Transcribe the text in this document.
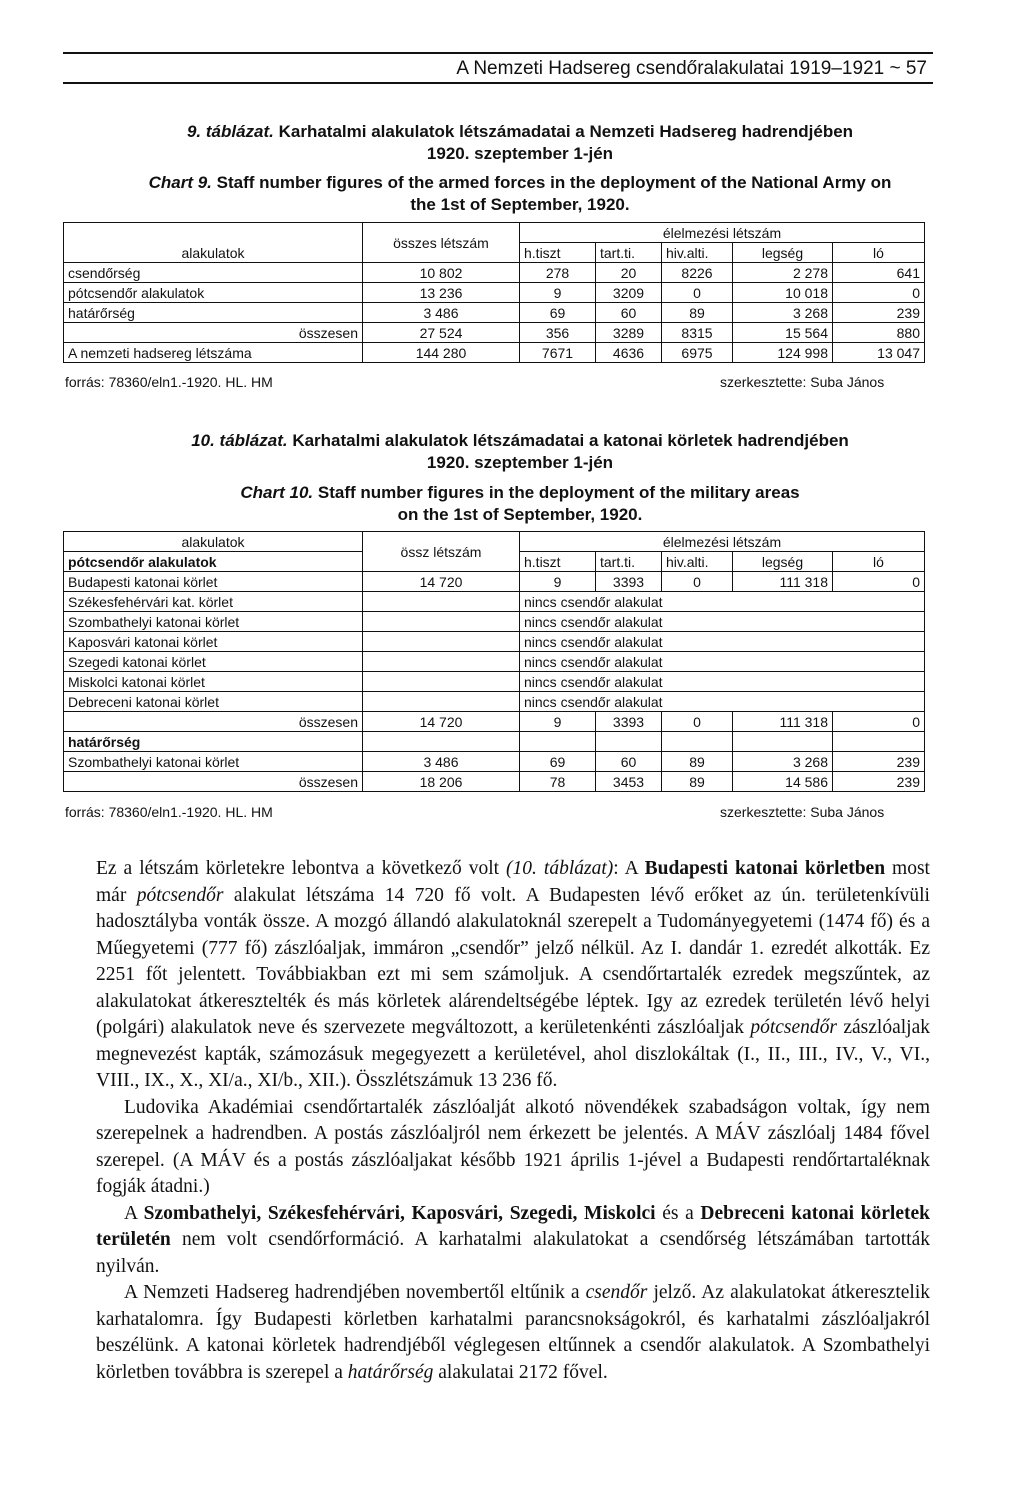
A Nemzeti Hadsereg csendőralakulatai 1919–1921 ~ 57
9. táblázat. Karhatalmi alakulatok létszámadatai a Nemzeti Hadsereg hadrendjében
1920. szeptember 1-jén
Chart 9. Staff number figures of the armed forces in the deployment of the National Army on
the 1st of September, 1920.
alakulatok	összes létszám	élelmezési létszám				
		h.tiszt	tart.ti.	hiv.alti.	legség	ló
csendőrség	10 802	278	20	8226	2 278	641
pótcsendőr alakulatok	13 236	9	3209	0	10 018	0
határőrség	3 486	69	60	89	3 268	239
összesen	27 524	356	3289	8315	15 564	880
A nemzeti hadsereg létszáma	144 280	7671	4636	6975	124 998	13 047
forrás: 78360/eln1.-1920. HL. HM	szerkesztette: Suba János
10. táblázat. Karhatalmi alakulatok létszámadatai a katonai körletek hadrendjében
1920. szeptember 1-jén
Chart 10. Staff number figures in the deployment of the military areas
on the 1st of September, 1920.
alakulatok	össz létszám	élelmezési létszám				
pótcsendőr alakulatok		h.tiszt	tart.ti.	hiv.alti.	legség	ló
Budapesti katonai körlet	14 720	9	3393	0	111 318	0
Székesfehérvári kat. körlet		nincs csendőr alakulat				
Szombathelyi katonai körlet		nincs csendőr alakulat				
Kaposvári katonai körlet		nincs csendőr alakulat				
Szegedi katonai körlet		nincs csendőr alakulat				
Miskolci katonai körlet		nincs csendőr alakulat				
Debreceni katonai körlet		nincs csendőr alakulat				
összesen	14 720	9	3393	0	111 318	0
határőrség						
Szombathelyi katonai körlet	3 486	69	60	89	3 268	239
összesen	18 206	78	3453	89	14 586	239
forrás: 78360/eln1.-1920. HL. HM	szerkesztette: Suba János

Ez a létszám körletekre lebontva a következő volt (10. táblázat): A Budapesti katonai körletben most már pótcsendőr alakulat létszáma 14 720 fő volt. A Budapesten lévő erőket az ún. területenkívüli hadosztályba vonták össze. A mozgó állandó alakulatoknál szerepelt a Tudományegyetemi (1474 fő) és a Műegyetemi (777 fő) zászlóaljak, immáron „csendőr” jelző nélkül. Az I. dandár 1. ezredét alkották. Ez 2251 főt jelentett. Továbbiakban ezt mi sem számoljuk. A csendőrtartalék ezredek megszűntek, az alakulatokat átkeresztelték és más körletek alárendeltségébe léptek. Igy az ezredek területén lévő helyi (polgári) alakulatok neve és szervezete megváltozott, a kerületenkénti zászlóaljak pótcsendőr zászlóaljak megnevezést kapták, számozásuk megegyezett a kerületével, ahol diszlokáltak (I., II., III., IV., V., VI., VIII., IX., X., XI/a., XI/b., XII.). Összlétszámuk 13 236 fő.

Ludovika Akadémiai csendőrtartalék zászlóalját alkotó növendékek szabadságon voltak, így nem szerepelnek a hadrendben. A postás zászlóaljról nem érkezett be jelentés. A MÁV zászlóalj 1484 fővel szerepel. (A MÁV és a postás zászlóaljakat később 1921 április 1-jével a Budapesti rendőrtartaléknak fogják átadni.)

A Szombathelyi, Székesfehérvári, Kaposvári, Szegedi, Miskolci és a Debreceni katonai körletek területén nem volt csendőrformáció. A karhatalmi alakulatokat a csendőrség létszámában tartották nyilván.

A Nemzeti Hadsereg hadrendjében novembertől eltűnik a csendőr jelző. Az alakulatokat átkeresztelik karhatalomra. Így Budapesti körletben karhatalmi parancsnokságokról, és karhatalmi zászlóaljakról beszélünk. A katonai körletek hadrendjéből véglegesen eltűnnek a csendőr alakulatok. A Szombathelyi körletben továbbra is szerepel a határőrség alakulatai 2172 fővel.
